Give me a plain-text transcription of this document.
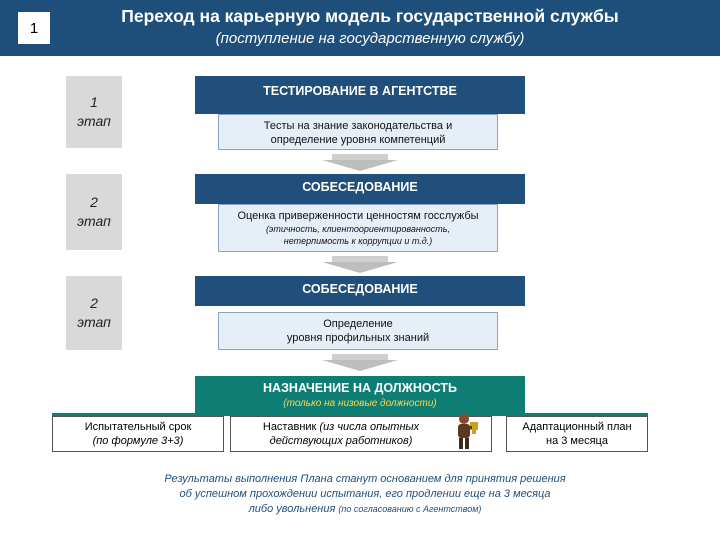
1
Переход на карьерную модель государственной службы
(поступление на государственную службу)
1
этап
2
этап
2
этап
ТЕСТИРОВАНИЕ В АГЕНТСТВЕ
Тесты на знание законодательства и
определение уровня компетенций
СОБЕСЕДОВАНИЕ
Оценка приверженности ценностям госслужбы
(этичность, клиентоориентированность,
нетерпимость к коррупции и т.д.)
СОБЕСЕДОВАНИЕ
Определение
уровня профильных знаний
НАЗНАЧЕНИЕ НА ДОЛЖНОСТЬ
(только на низовые должности)
Испытательный срок
(по формуле 3+3)
Наставник (из числа опытных
действующих работников)
Адаптационный план
на 3 месяца
Результаты выполнения Плана станут основанием для принятия решения
об успешном прохождении испытания, его продлении еще на 3 месяца
либо увольнения (по согласованию с Агентством)
